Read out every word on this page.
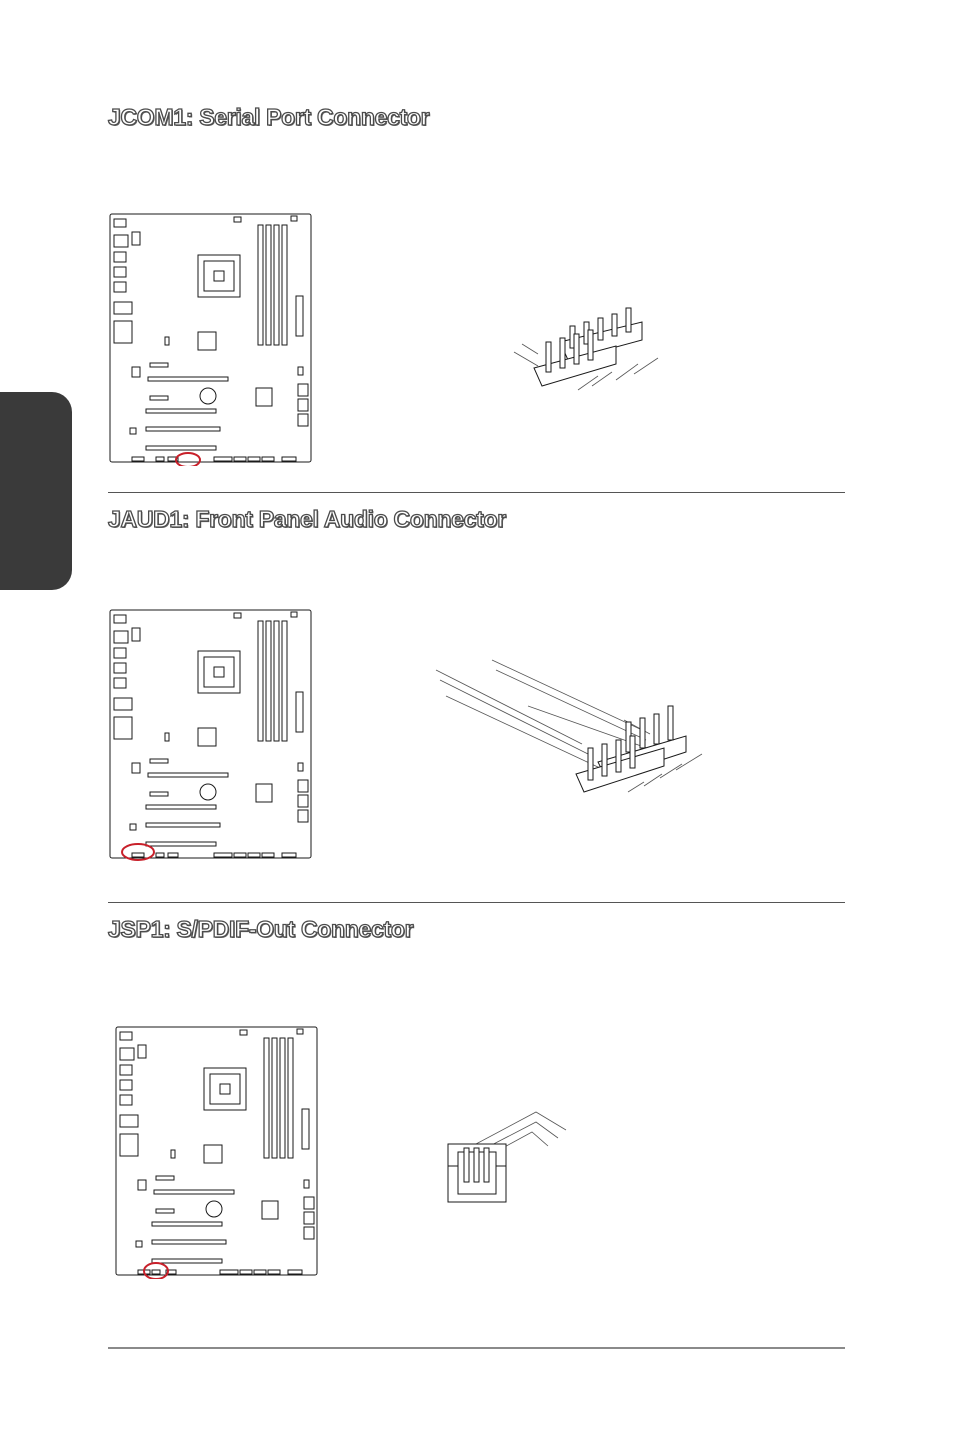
JCOM1: Serial Port Connector
JAUD1: Front Panel Audio Connector
JSP1: S/PDIF-Out Connector
